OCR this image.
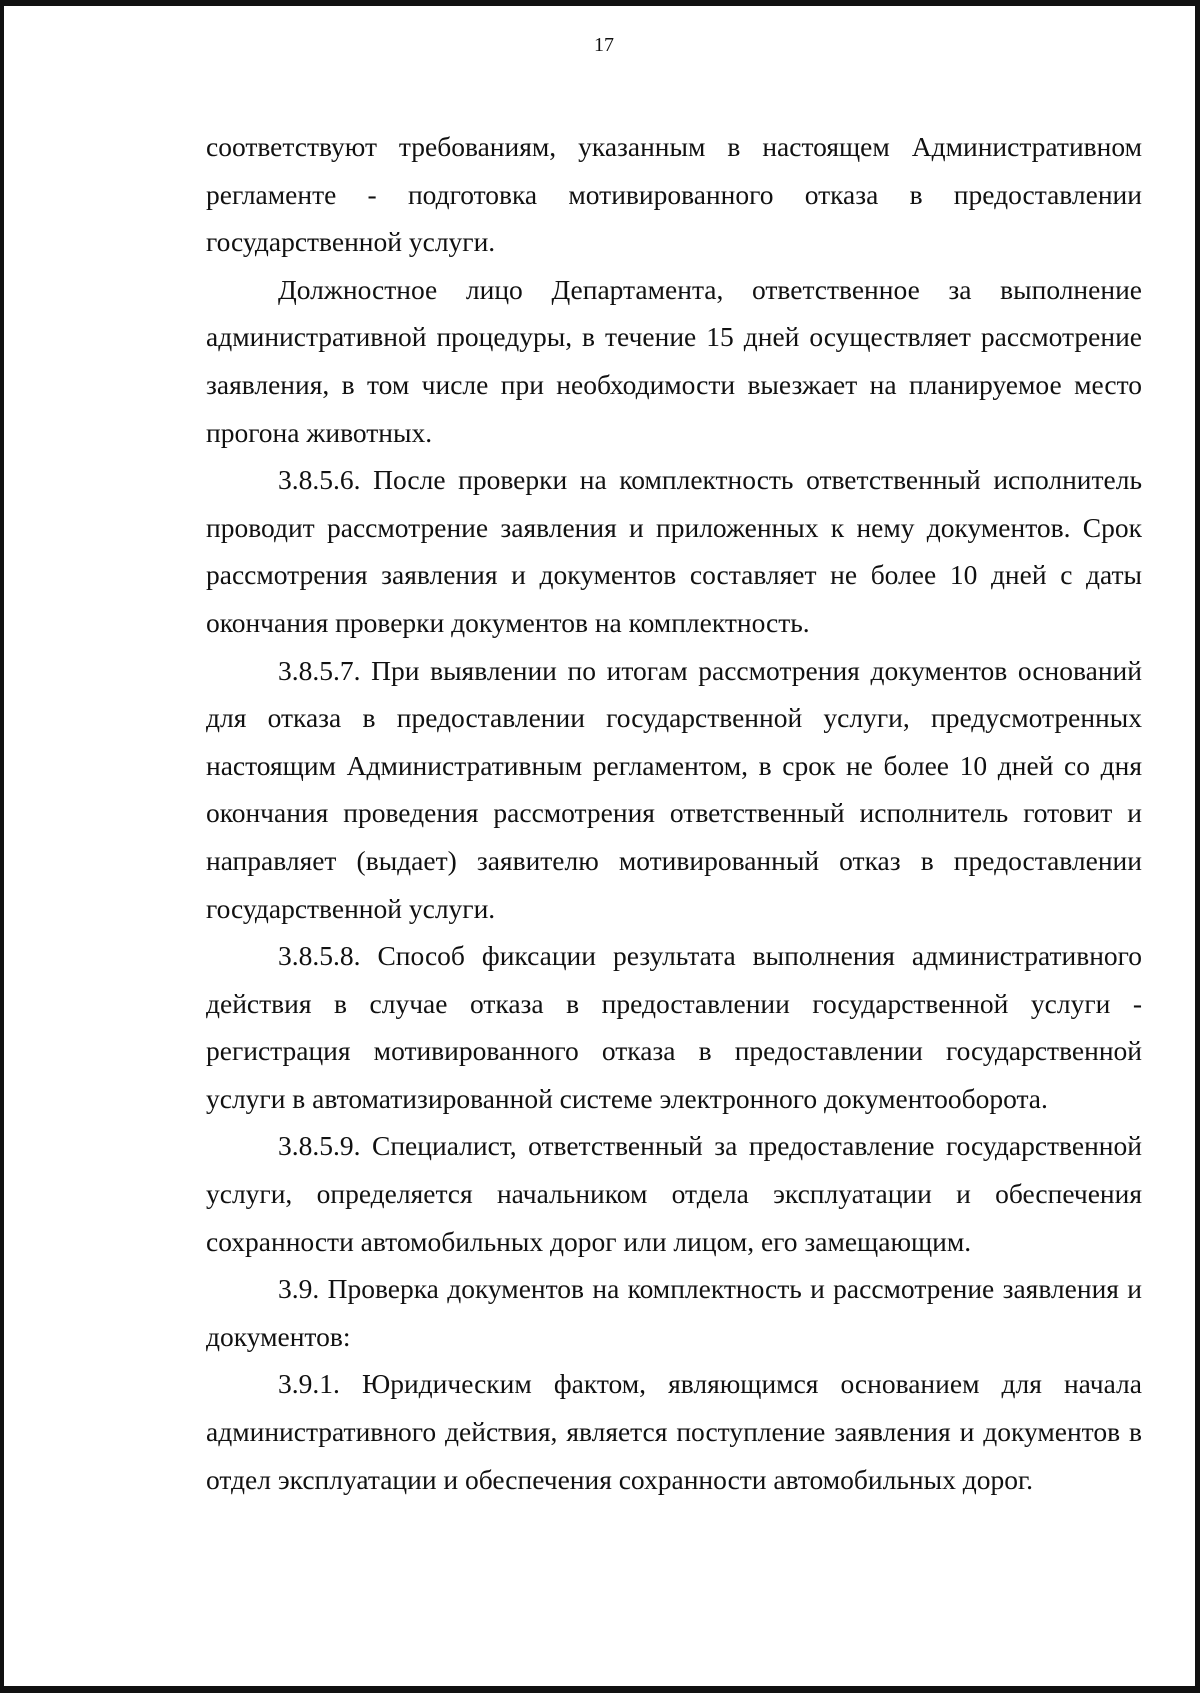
17

соответствуют требованиям, указанным в настоящем Административном регламенте - подготовка мотивированного отказа в предоставлении государственной услуги.

Должностное лицо Департамента, ответственное за выполнение административной процедуры, в течение 15 дней осуществляет рассмотрение заявления, в том числе при необходимости выезжает на планируемое место прогона животных.

3.8.5.6. После проверки на комплектность ответственный исполнитель проводит рассмотрение заявления и приложенных к нему документов. Срок рассмотрения заявления и документов составляет не более 10 дней с даты окончания проверки документов на комплектность.

3.8.5.7. При выявлении по итогам рассмотрения документов оснований для отказа в предоставлении государственной услуги, предусмотренных настоящим Административным регламентом, в срок не более 10 дней со дня окончания проведения рассмотрения ответственный исполнитель готовит и направляет (выдает) заявителю мотивированный отказ в предоставлении государственной услуги.

3.8.5.8. Способ фиксации результата выполнения административного действия в случае отказа в предоставлении государственной услуги - регистрация мотивированного отказа в предоставлении государственной услуги в автоматизированной системе электронного документооборота.

3.8.5.9. Специалист, ответственный за предоставление государственной услуги, определяется начальником отдела эксплуатации и обеспечения сохранности автомобильных дорог или лицом, его замещающим.

3.9. Проверка документов на комплектность и рассмотрение заявления и документов:

3.9.1. Юридическим фактом, являющимся основанием для начала административного действия, является поступление заявления и документов в отдел эксплуатации и обеспечения сохранности автомобильных дорог.
